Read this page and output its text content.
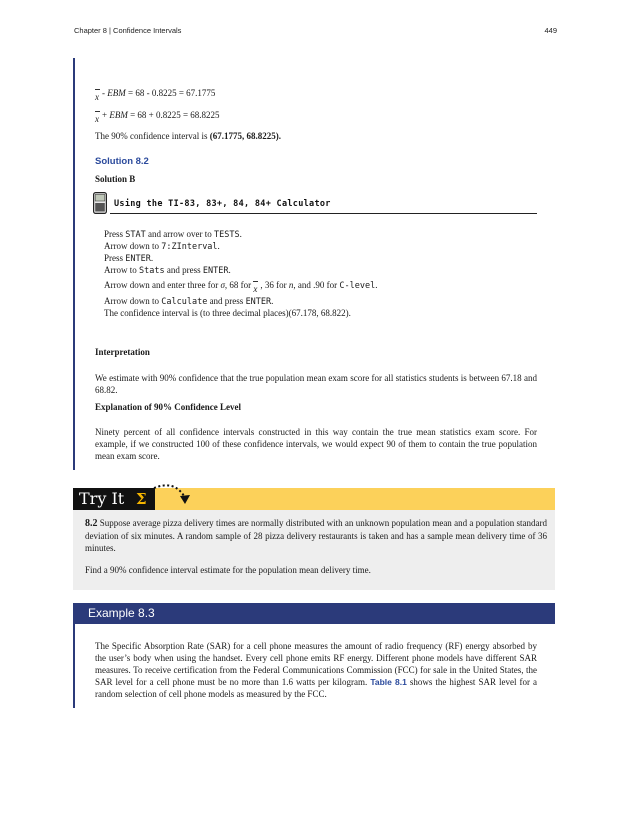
Chapter 8 | Confidence Intervals	449
x - EBM = 68 - 0.8225 = 67.1775
x + EBM = 68 + 0.8225 = 68.8225
The 90% confidence interval is (67.1775, 68.8225).
Solution 8.2
Solution B
Using the TI-83, 83+, 84, 84+ Calculator
Press STAT and arrow over to TESTS.
Arrow down to 7:ZInterval.
Press ENTER.
Arrow to Stats and press ENTER.
Arrow down and enter three for σ, 68 for x , 36 for n, and .90 for C-level.
Arrow down to Calculate and press ENTER.
The confidence interval is (to three decimal places)(67.178, 68.822).
Interpretation
We estimate with 90% confidence that the true population mean exam score for all statistics students is between 67.18 and 68.82.
Explanation of 90% Confidence Level
Ninety percent of all confidence intervals constructed in this way contain the true mean statistics exam score. For example, if we constructed 100 of these confidence intervals, we would expect 90 of them to contain the true population mean exam score.
Try It Σ
8.2 Suppose average pizza delivery times are normally distributed with an unknown population mean and a population standard deviation of six minutes. A random sample of 28 pizza delivery restaurants is taken and has a sample mean delivery time of 36 minutes.
Find a 90% confidence interval estimate for the population mean delivery time.
Example 8.3
The Specific Absorption Rate (SAR) for a cell phone measures the amount of radio frequency (RF) energy absorbed by the user’s body when using the handset. Every cell phone emits RF energy. Different phone models have different SAR measures. To receive certification from the Federal Communications Commission (FCC) for sale in the United States, the SAR level for a cell phone must be no more than 1.6 watts per kilogram. Table 8.1 shows the highest SAR level for a random selection of cell phone models as measured by the FCC.
